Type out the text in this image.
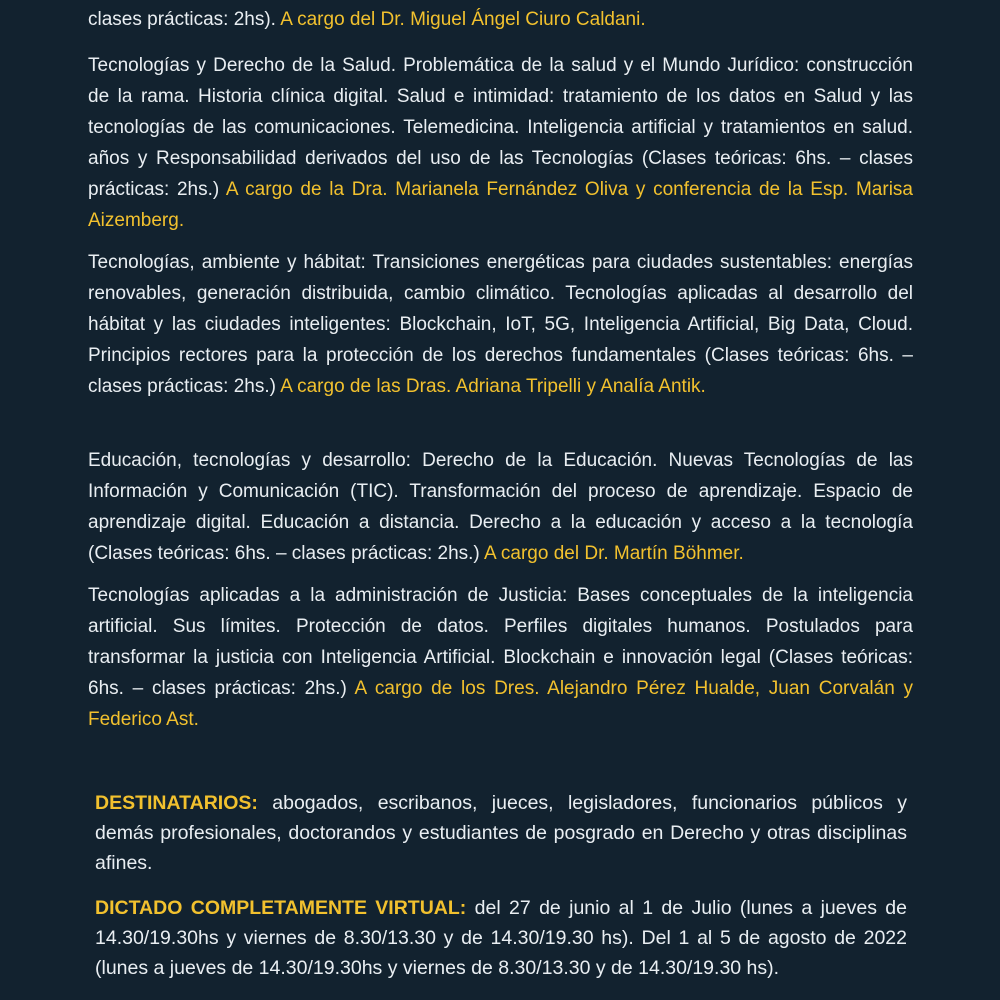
clases prácticas: 2hs). A cargo del Dr. Miguel Ángel Ciuro Caldani.

Tecnologías y Derecho de la Salud. Problemática de la salud y el Mundo Jurídico: construcción de la rama. Historia clínica digital. Salud e intimidad: tratamiento de los datos en Salud y las tecnologías de las comunicaciones. Telemedicina. Inteligencia artificial y tratamientos en salud. años y Responsabilidad derivados del uso de las Tecnologías (Clases teóricas: 6hs. – clases prácticas: 2hs.) A cargo de la Dra. Marianela Fernández Oliva y conferencia de la Esp. Marisa Aizemberg.

Tecnologías, ambiente y hábitat: Transiciones energéticas para ciudades sustentables: energías renovables, generación distribuida, cambio climático. Tecnologías aplicadas al desarrollo del hábitat y las ciudades inteligentes: Blockchain, IoT, 5G, Inteligencia Artificial, Big Data, Cloud. Principios rectores para la protección de los derechos fundamentales (Clases teóricas: 6hs. – clases prácticas: 2hs.) A cargo de las Dras. Adriana Tripelli y Analía Antik.

Educación, tecnologías y desarrollo: Derecho de la Educación. Nuevas Tecnologías de las Información y Comunicación (TIC). Transformación del proceso de aprendizaje. Espacio de aprendizaje digital. Educación a distancia. Derecho a la educación y acceso a la tecnología (Clases teóricas: 6hs. – clases prácticas: 2hs.) A cargo del Dr. Martín Böhmer.

Tecnologías aplicadas a la administración de Justicia: Bases conceptuales de la inteligencia artificial. Sus límites. Protección de datos. Perfiles digitales humanos. Postulados para transformar la justicia con Inteligencia Artificial. Blockchain e innovación legal (Clases teóricas: 6hs. – clases prácticas: 2hs.) A cargo de los Dres. Alejandro Pérez Hualde, Juan Corvalán y Federico Ast.

DESTINATARIOS: abogados, escribanos, jueces, legisladores, funcionarios públicos y demás profesionales, doctorandos y estudiantes de posgrado en Derecho y otras disciplinas afines.

DICTADO COMPLETAMENTE VIRTUAL: del 27 de junio al 1 de Julio (lunes a jueves de 14.30/19.30hs y viernes de 8.30/13.30 y de 14.30/19.30 hs). Del 1 al 5 de agosto de 2022 (lunes a jueves de 14.30/19.30hs y viernes de 8.30/13.30 y de 14.30/19.30 hs).
